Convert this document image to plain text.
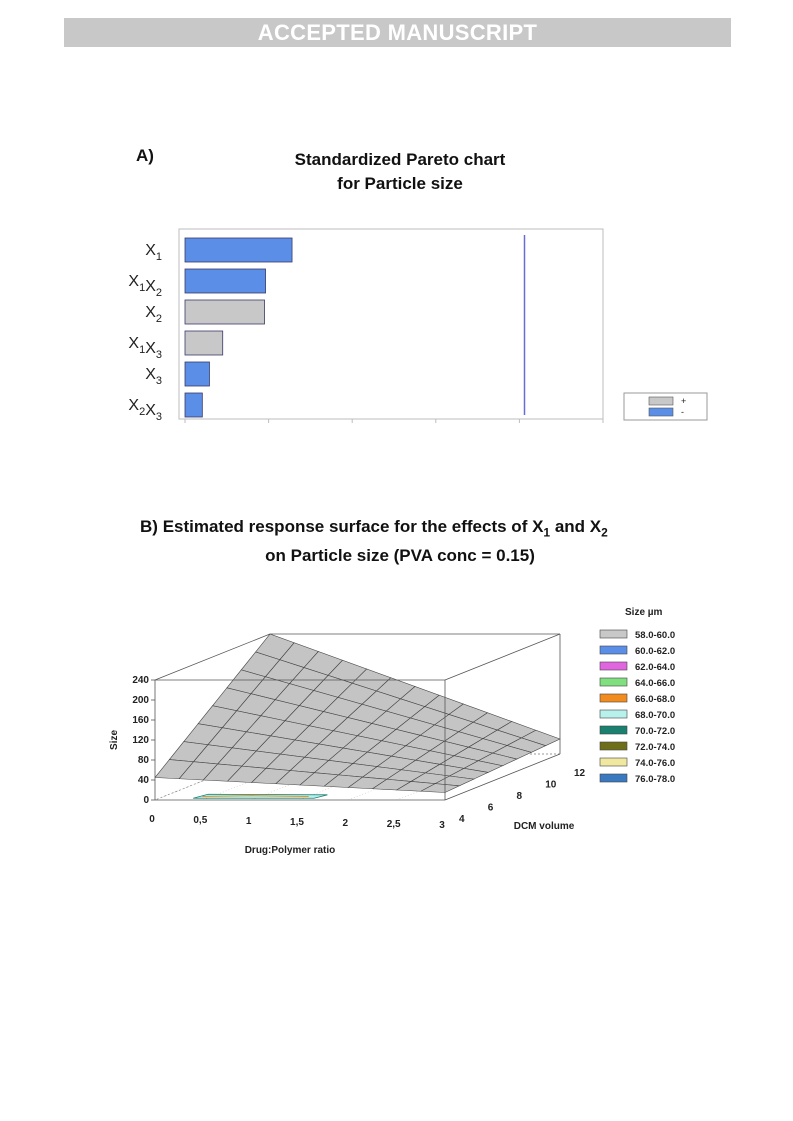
ACCEPTED MANUSCRIPT
A)	Standardized Pareto chart
for Particle size
$X_1$
$X_1X_2$
$X_2$
$X_1X_3$
$X_3$
$X_2X_3$
+
-
B) Estimated response surface for the effects of $X_1$ and $X_2$
on Particle size (PVA conc = 0.15)
0
40
80
120
160
200
240
0	0,5	1	1,5	2	2,5	3
4
6
8
10
12
Drug:Polymer ratio
DCM volume
Size
Size µm
58.0-60.0
60.0-62.0
62.0-64.0
64.0-66.0
66.0-68.0
68.0-70.0
70.0-72.0
72.0-74.0
74.0-76.0
76.0-78.0
